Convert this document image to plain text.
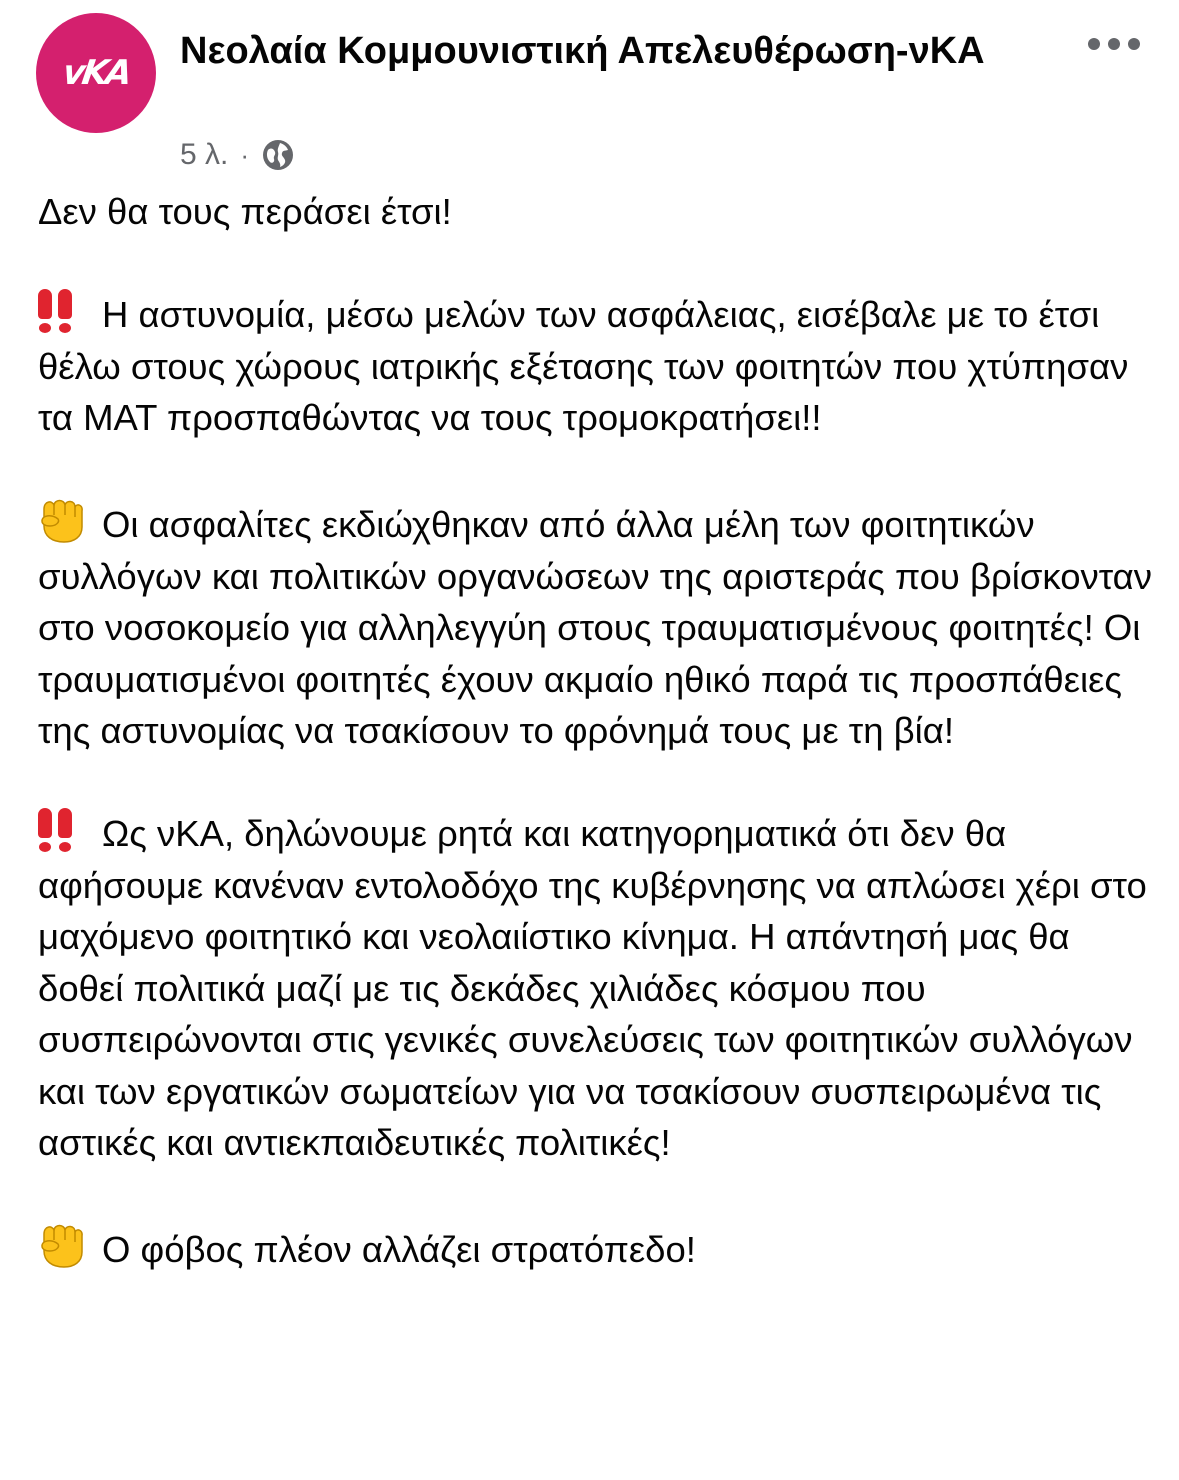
vKA
Νεολαία Κομμουνιστική Απελευθέρωση-νΚΑ
5 λ. ·

Δεν θα τους περάσει έτσι!

Η αστυνομία, μέσω μελών των ασφάλειας, εισέβαλε με το έτσι θέλω στους χώρους ιατρικής εξέτασης των φοιτητών που χτύπησαν τα ΜΑΤ προσπαθώντας να τους τρομοκρατήσει!!

Οι ασφαλίτες εκδιώχθηκαν από άλλα μέλη των φοιτητικών συλλόγων και πολιτικών οργανώσεων της αριστεράς που βρίσκονταν στο νοσοκομείο για αλληλεγγύη στους τραυματισμένους φοιτητές! Οι τραυματισμένοι φοιτητές έχουν ακμαίο ηθικό παρά τις προσπάθειες της αστυνομίας να τσακίσουν το φρόνημά τους με τη βία!

Ως νΚΑ, δηλώνουμε ρητά και κατηγορηματικά ότι δεν θα αφήσουμε κανέναν εντολοδόχο της κυβέρνησης να απλώσει χέρι στο μαχόμενο φοιτητικό και νεολαιίστικο κίνημα. Η απάντησή μας θα δοθεί πολιτικά μαζί με τις δεκάδες χιλιάδες κόσμου που συσπειρώνονται στις γενικές συνελεύσεις των φοιτητικών συλλόγων και των εργατικών σωματείων για να τσακίσουν συσπειρωμένα τις αστικές και αντιεκπαιδευτικές πολιτικές!

Ο φόβος πλέον αλλάζει στρατόπεδο!
